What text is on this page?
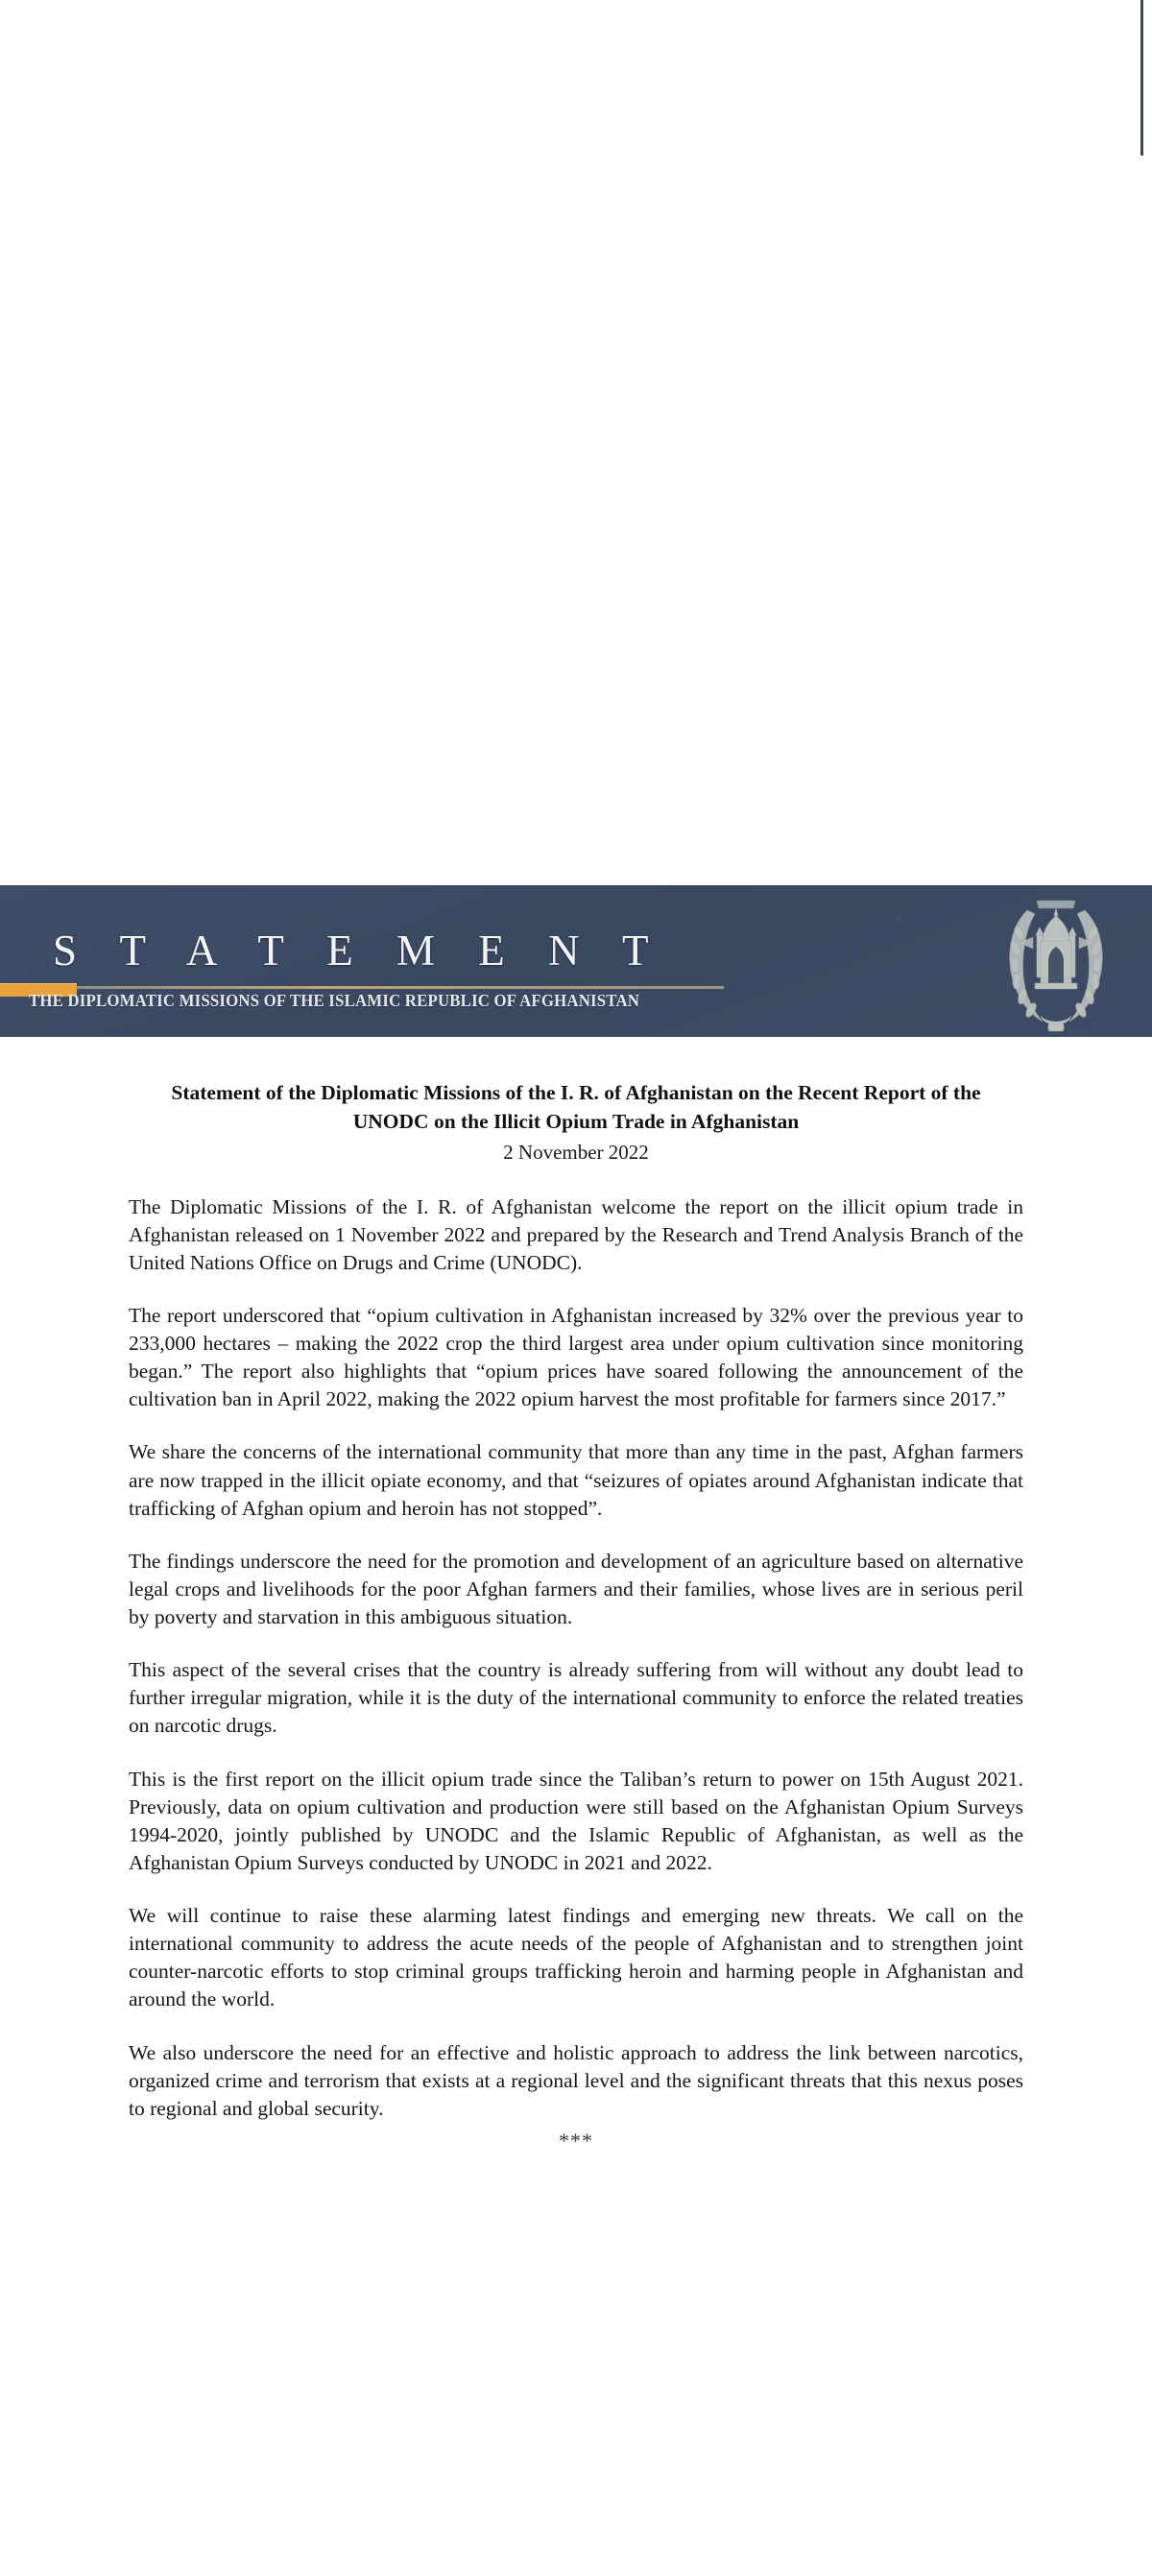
S T A T E M E N T
THE DIPLOMATIC MISSIONS OF THE ISLAMIC REPUBLIC OF AFGHANISTAN
Statement of the Diplomatic Missions of the I. R. of Afghanistan on the Recent Report of the UNODC on the Illicit Opium Trade in Afghanistan
2 November 2022

The Diplomatic Missions of the I. R. of Afghanistan welcome the report on the illicit opium trade in Afghanistan released on 1 November 2022 and prepared by the Research and Trend Analysis Branch of the United Nations Office on Drugs and Crime (UNODC).

The report underscored that “opium cultivation in Afghanistan increased by 32% over the previous year to 233,000 hectares – making the 2022 crop the third largest area under opium cultivation since monitoring began.” The report also highlights that “opium prices have soared following the announcement of the cultivation ban in April 2022, making the 2022 opium harvest the most profitable for farmers since 2017.”

We share the concerns of the international community that more than any time in the past, Afghan farmers are now trapped in the illicit opiate economy, and that “seizures of opiates around Afghanistan indicate that trafficking of Afghan opium and heroin has not stopped”.

The findings underscore the need for the promotion and development of an agriculture based on alternative legal crops and livelihoods for the poor Afghan farmers and their families, whose lives are in serious peril by poverty and starvation in this ambiguous situation.

This aspect of the several crises that the country is already suffering from will without any doubt lead to further irregular migration, while it is the duty of the international community to enforce the related treaties on narcotic drugs.

This is the first report on the illicit opium trade since the Taliban’s return to power on 15th August 2021. Previously, data on opium cultivation and production were still based on the Afghanistan Opium Surveys 1994-2020, jointly published by UNODC and the Islamic Republic of Afghanistan, as well as the Afghanistan Opium Surveys conducted by UNODC in 2021 and 2022.

We will continue to raise these alarming latest findings and emerging new threats. We call on the international community to address the acute needs of the people of Afghanistan and to strengthen joint counter-narcotic efforts to stop criminal groups trafficking heroin and harming people in Afghanistan and around the world.

We also underscore the need for an effective and holistic approach to address the link between narcotics, organized crime and terrorism that exists at a regional level and the significant threats that this nexus poses to regional and global security.

***
